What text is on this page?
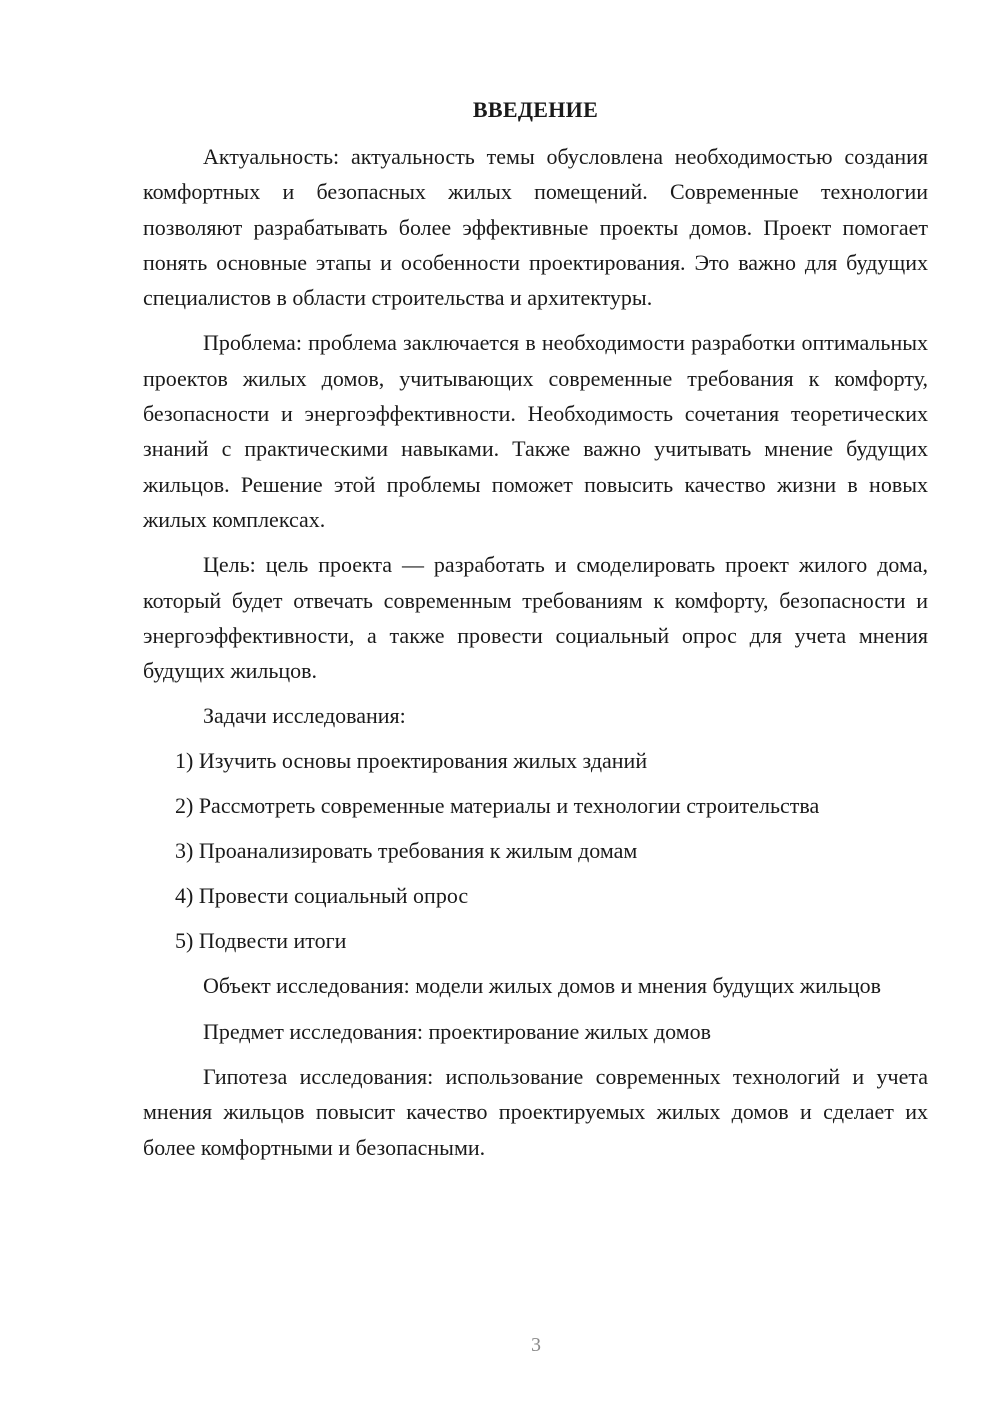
ВВЕДЕНИЕ

Актуальность: актуальность темы обусловлена необходимостью создания комфортных и безопасных жилых помещений. Современные технологии позволяют разрабатывать более эффективные проекты домов. Проект помогает понять основные этапы и особенности проектирования. Это важно для будущих специалистов в области строительства и архитектуры.

Проблема: проблема заключается в необходимости разработки оптимальных проектов жилых домов, учитывающих современные требования к комфорту, безопасности и энергоэффективности. Необходимость сочетания теоретических знаний с практическими навыками. Также важно учитывать мнение будущих жильцов. Решение этой проблемы поможет повысить качество жизни в новых жилых комплексах.

Цель: цель проекта — разработать и смоделировать проект жилого дома, который будет отвечать современным требованиям к комфорту, безопасности и энергоэффективности, а также провести социальный опрос для учета мнения будущих жильцов.

Задачи исследования:

1) Изучить основы проектирования жилых зданий
2) Рассмотреть современные материалы и технологии строительства
3) Проанализировать требования к жилым домам
4) Провести социальный опрос
5) Подвести итоги

Объект исследования: модели жилых домов и мнения будущих жильцов

Предмет исследования: проектирование жилых домов

Гипотеза исследования: использование современных технологий и учета мнения жильцов повысит качество проектируемых жилых домов и сделает их более комфортными и безопасными.

3
